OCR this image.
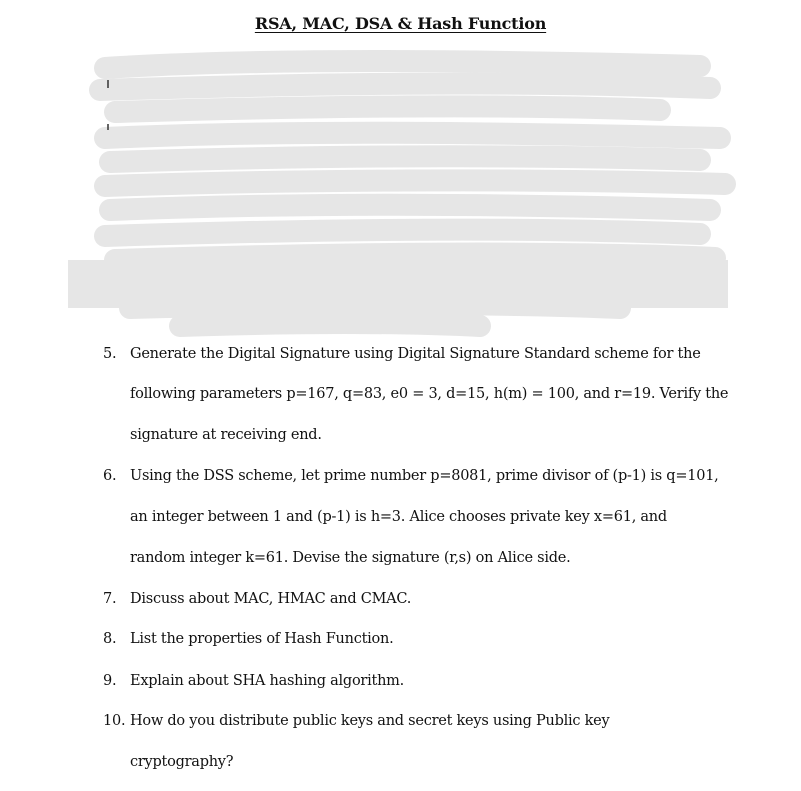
RSA, MAC, DSA & Hash Function
5. Generate the Digital Signature using Digital Signature Standard scheme for the
following parameters p=167, q=83, e0 = 3, d=15, h(m) = 100, and r=19. Verify the
signature at receiving end.
6. Using the DSS scheme, let prime number p=8081, prime divisor of (p-1) is q=101,
an integer between 1 and (p-1) is h=3. Alice chooses private key x=61, and
random integer k=61. Devise the signature (r,s) on Alice side.
7. Discuss about MAC, HMAC and CMAC.
8. List the properties of Hash Function.
9. Explain about SHA hashing algorithm.
10. How do you distribute public keys and secret keys using Public key
cryptography?
